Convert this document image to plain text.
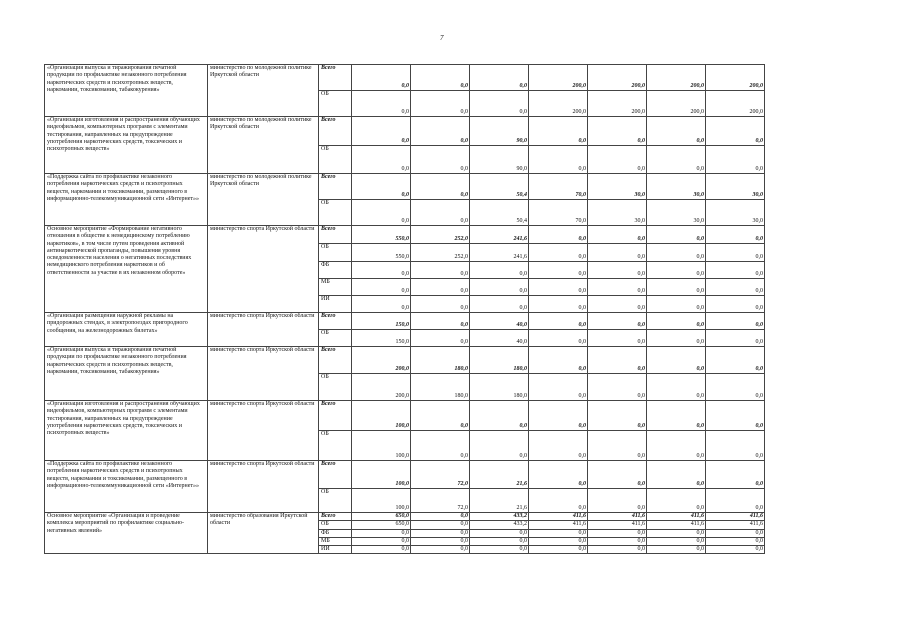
7
«Организация выпуска и тиражирования печатной продукции по профилактике незаконного потребления наркотических средств и психотропных веществ, наркомании, токсикомании, табакокурения»	министерство по молодежной политике Иркутской области	Всего	0,0	0,0	0,0	200,0	200,0	200,0	200,0
		ОБ	0,0	0,0	0,0	200,0	200,0	200,0	200,0
«Организация изготовления и распространения обучающих видеофильмов, компьютерных программ с элементами тестирования, направленных на предупреждение употребления наркотических средств, токсических и психотропных веществ»	министерство по молодежной политике Иркутской области	Всего	0,0	0,0	90,0	0,0	0,0	0,0	0,0
		ОБ	0,0	0,0	90,0	0,0	0,0	0,0	0,0
«Поддержка сайта по профилактике незаконного потребления наркотических средств и психотропных веществ, наркомании и токсикомании, размещенного в информационно-телекоммуникационной сети «Интернет»»	министерство по молодежной политике Иркутской области	Всего	0,0	0,0	50,4	70,0	30,0	30,0	30,0
		ОБ	0,0	0,0	50,4	70,0	30,0	30,0	30,0
Основное мероприятие «Формирование негативного отношения в обществе к немедицинскому потреблению наркотиков», в том числе путем проведения активной антинаркотической пропаганды, повышения уровня осведомленности населения о негативных последствиях немедицинского потребления наркотиков и об ответственности за участие в их незаконном обороте»	министерство спорта Иркутской области	Всего	550,0	252,0	241,6	0,0	0,0	0,0	0,0
		ОБ	550,0	252,0	241,6	0,0	0,0	0,0	0,0
		ФБ	0,0	0,0	0,0	0,0	0,0	0,0	0,0
		МБ	0,0	0,0	0,0	0,0	0,0	0,0	0,0
		ИИ	0,0	0,0	0,0	0,0	0,0	0,0	0,0
«Организация размещения наружной рекламы на придорожных стендах, в электропоездах пригородного сообщения, на железнодорожных билетах»	министерство спорта Иркутской области	Всего	150,0	0,0	40,0	0,0	0,0	0,0	0,0
		ОБ	150,0	0,0	40,0	0,0	0,0	0,0	0,0
«Организация выпуска и тиражирования печатной продукции по профилактике незаконного потребления наркотических средств и психотропных веществ, наркомании, токсикомании, табакокурения»	министерство спорта Иркутской области	Всего	200,0	180,0	180,0	0,0	0,0	0,0	0,0
		ОБ	200,0	180,0	180,0	0,0	0,0	0,0	0,0
«Организация изготовления и распространения обучающих видеофильмов, компьютерных программ с элементами тестирования, направленных на предупреждение употребления наркотических средств, токсических и психотропных веществ»	министерство спорта Иркутской области	Всего	100,0	0,0	0,0	0,0	0,0	0,0	0,0
		ОБ	100,0	0,0	0,0	0,0	0,0	0,0	0,0
«Поддержка сайта по профилактике незаконного потребления наркотических средств и психотропных веществ, наркомании и токсикомании, размещенного в информационно-телекоммуникационной сети «Интернет»»	министерство спорта Иркутской области	Всего	100,0	72,0	21,6	0,0	0,0	0,0	0,0
		ОБ	100,0	72,0	21,6	0,0	0,0	0,0	0,0
Основное мероприятие «Организация и проведение комплекса мероприятий по профилактике социально-негативных явлений»	министерство образования Иркутской области	Всего	650,0	0,0	433,2	411,6	411,6	411,6	411,6
		ОБ	650,0	0,0	433,2	411,6	411,6	411,6	411,6
		ФБ	0,0	0,0	0,0	0,0	0,0	0,0	0,0
		МБ	0,0	0,0	0,0	0,0	0,0	0,0	0,0
		ИИ	0,0	0,0	0,0	0,0	0,0	0,0	0,0
